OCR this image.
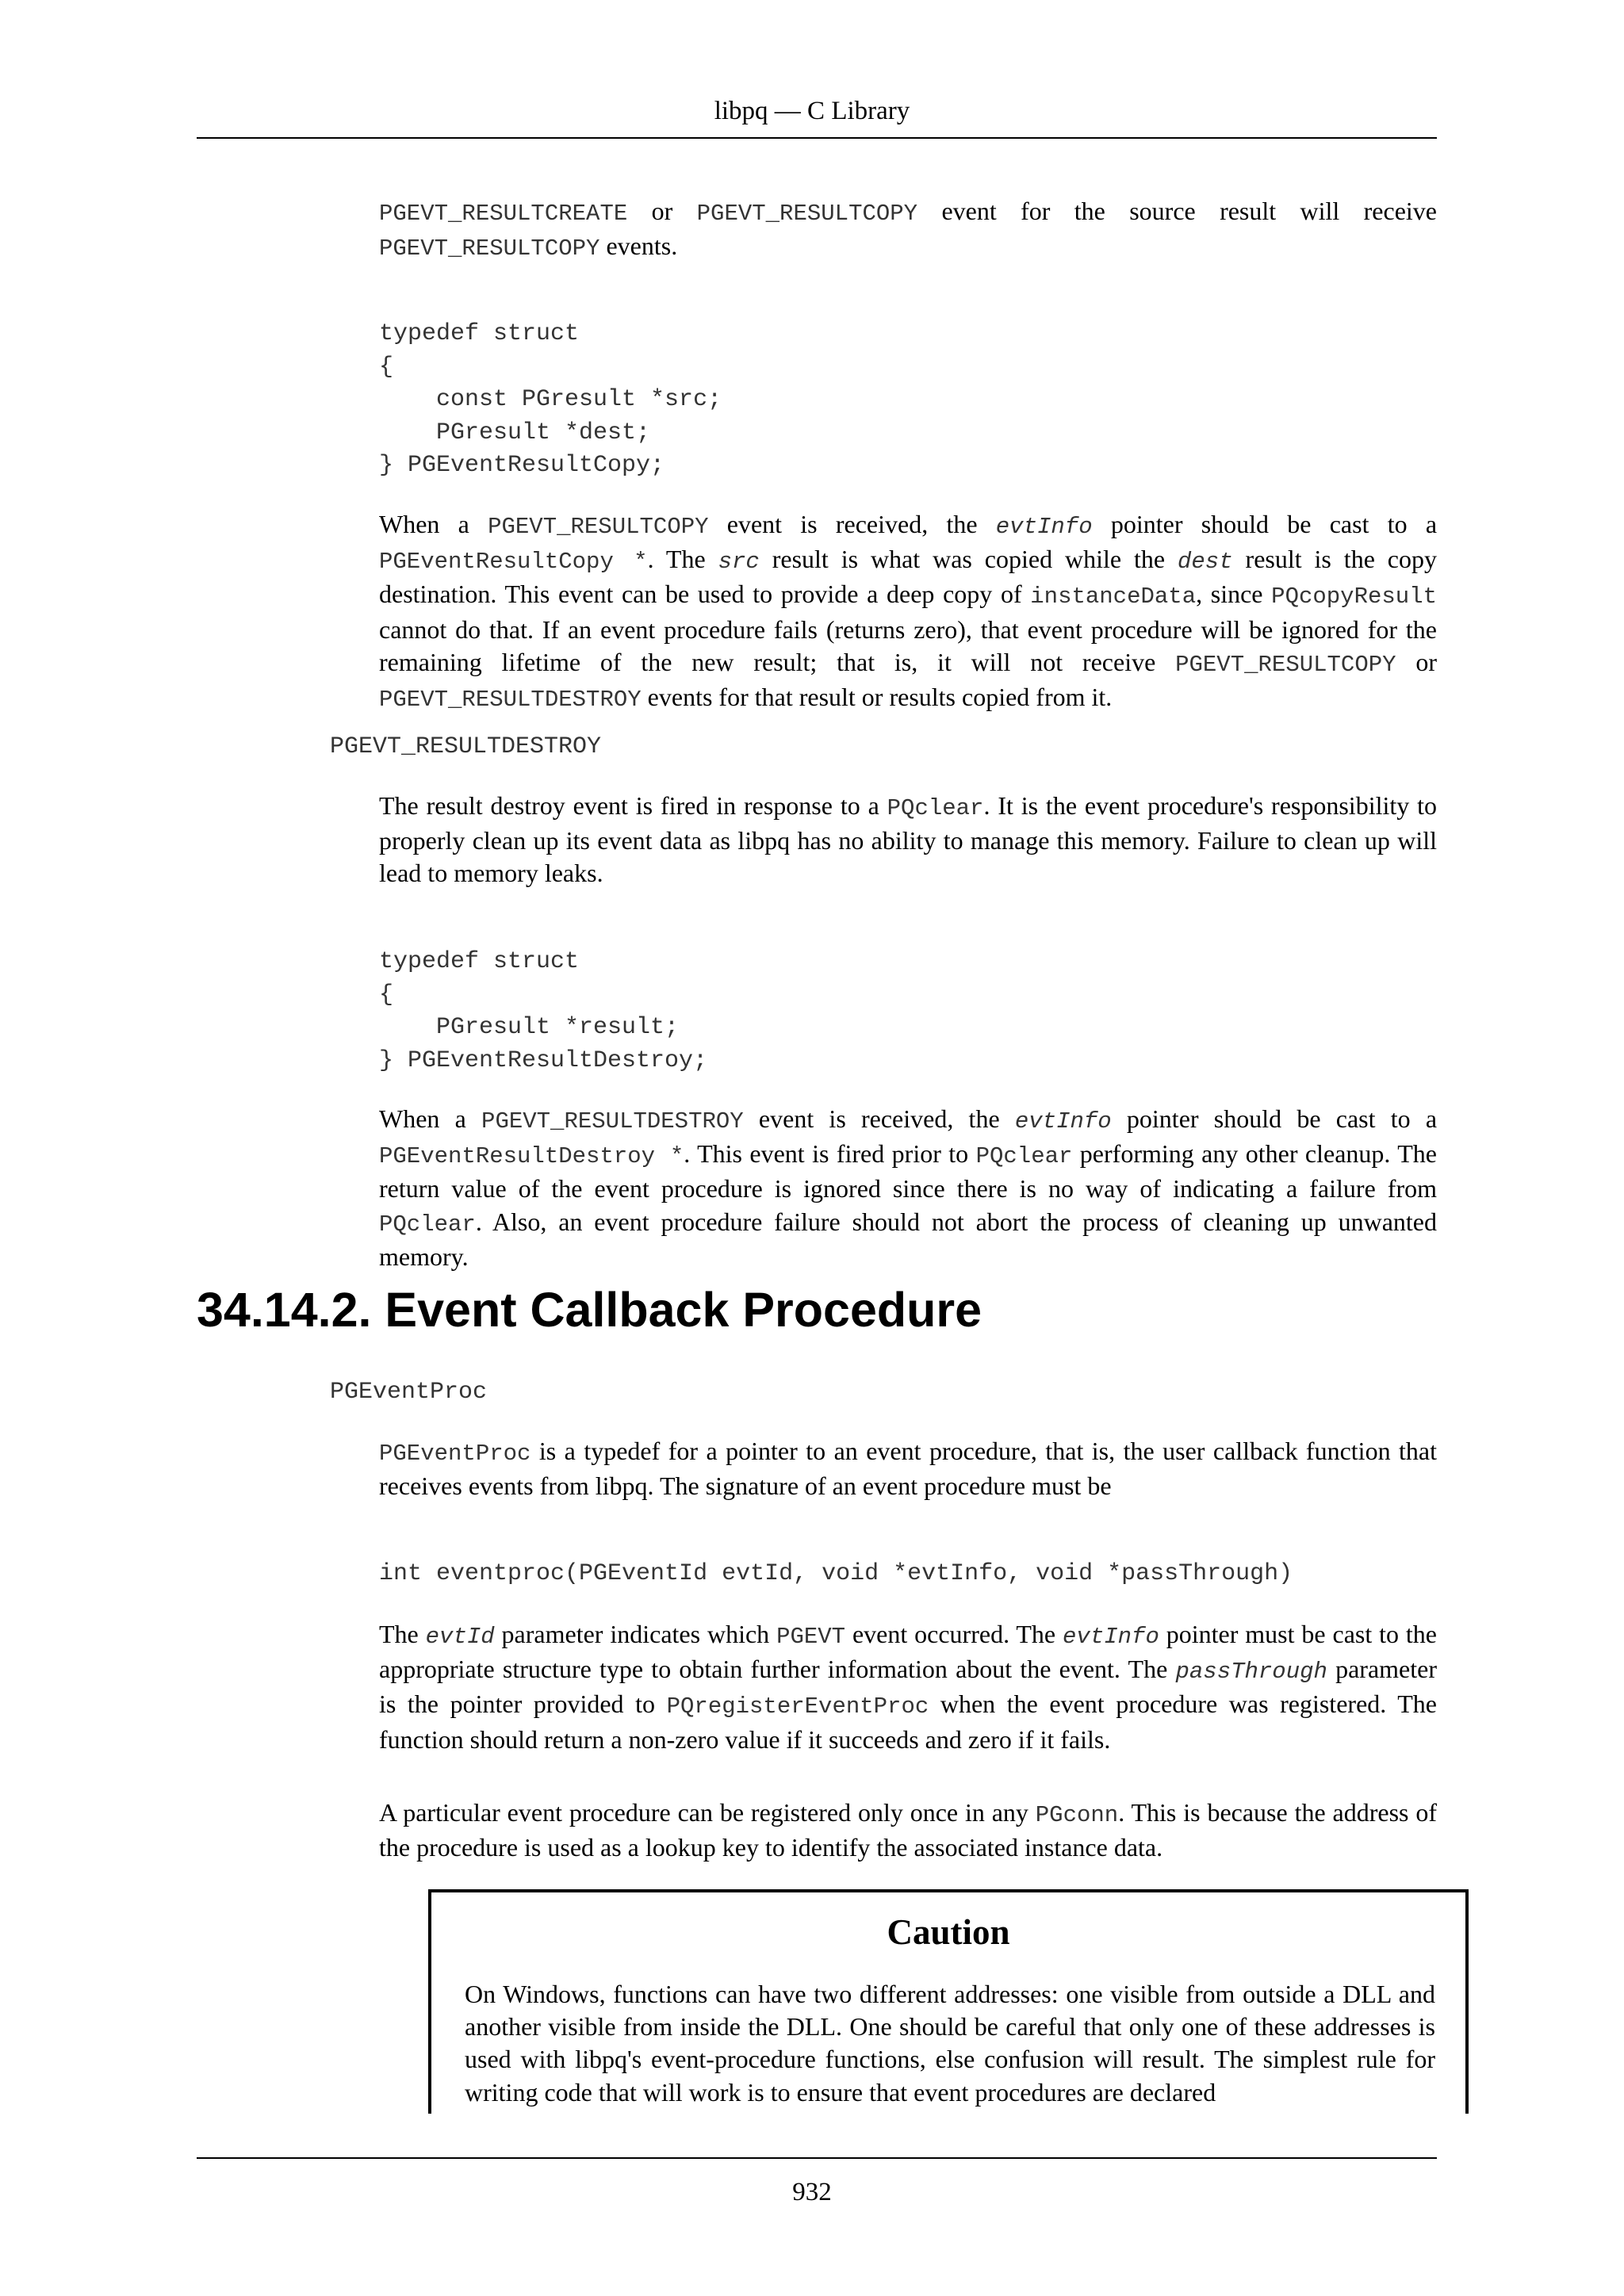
libpq — C Library
PGEVT_RESULTCREATE or PGEVT_RESULTCOPY event for the source result will receive PGEVT_RESULTCOPY events.
typedef struct
{
const PGresult *src;
PGresult *dest;
} PGEventResultCopy;
When a PGEVT_RESULTCOPY event is received, the evtInfo pointer should be cast to a PGEventResultCopy *. The src result is what was copied while the dest result is the copy destination. This event can be used to provide a deep copy of instanceData, since PQcopyResult cannot do that. If an event procedure fails (returns zero), that event procedure will be ignored for the remaining lifetime of the new result; that is, it will not receive PGEVT_RESULTCOPY or PGEVT_RESULTDESTROY events for that result or results copied from it.
PGEVT_RESULTDESTROY
The result destroy event is fired in response to a PQclear. It is the event procedure's responsibility to properly clean up its event data as libpq has no ability to manage this memory. Failure to clean up will lead to memory leaks.
typedef struct
{
PGresult *result;
} PGEventResultDestroy;
When a PGEVT_RESULTDESTROY event is received, the evtInfo pointer should be cast to a PGEventResultDestroy *. This event is fired prior to PQclear performing any other cleanup. The return value of the event procedure is ignored since there is no way of indicating a failure from PQclear. Also, an event procedure failure should not abort the process of cleaning up unwanted memory.
34.14.2. Event Callback Procedure
PGEventProc
PGEventProc is a typedef for a pointer to an event procedure, that is, the user callback function that receives events from libpq. The signature of an event procedure must be
int eventproc(PGEventId evtId, void *evtInfo, void *passThrough)
The evtId parameter indicates which PGEVT event occurred. The evtInfo pointer must be cast to the appropriate structure type to obtain further information about the event. The passThrough parameter is the pointer provided to PQregisterEventProc when the event procedure was registered. The function should return a non-zero value if it succeeds and zero if it fails.
A particular event procedure can be registered only once in any PGconn. This is because the address of the procedure is used as a lookup key to identify the associated instance data.
Caution
On Windows, functions can have two different addresses: one visible from outside a DLL and another visible from inside the DLL. One should be careful that only one of these addresses is used with libpq's event-procedure functions, else confusion will result. The simplest rule for writing code that will work is to ensure that event procedures are declared
932
